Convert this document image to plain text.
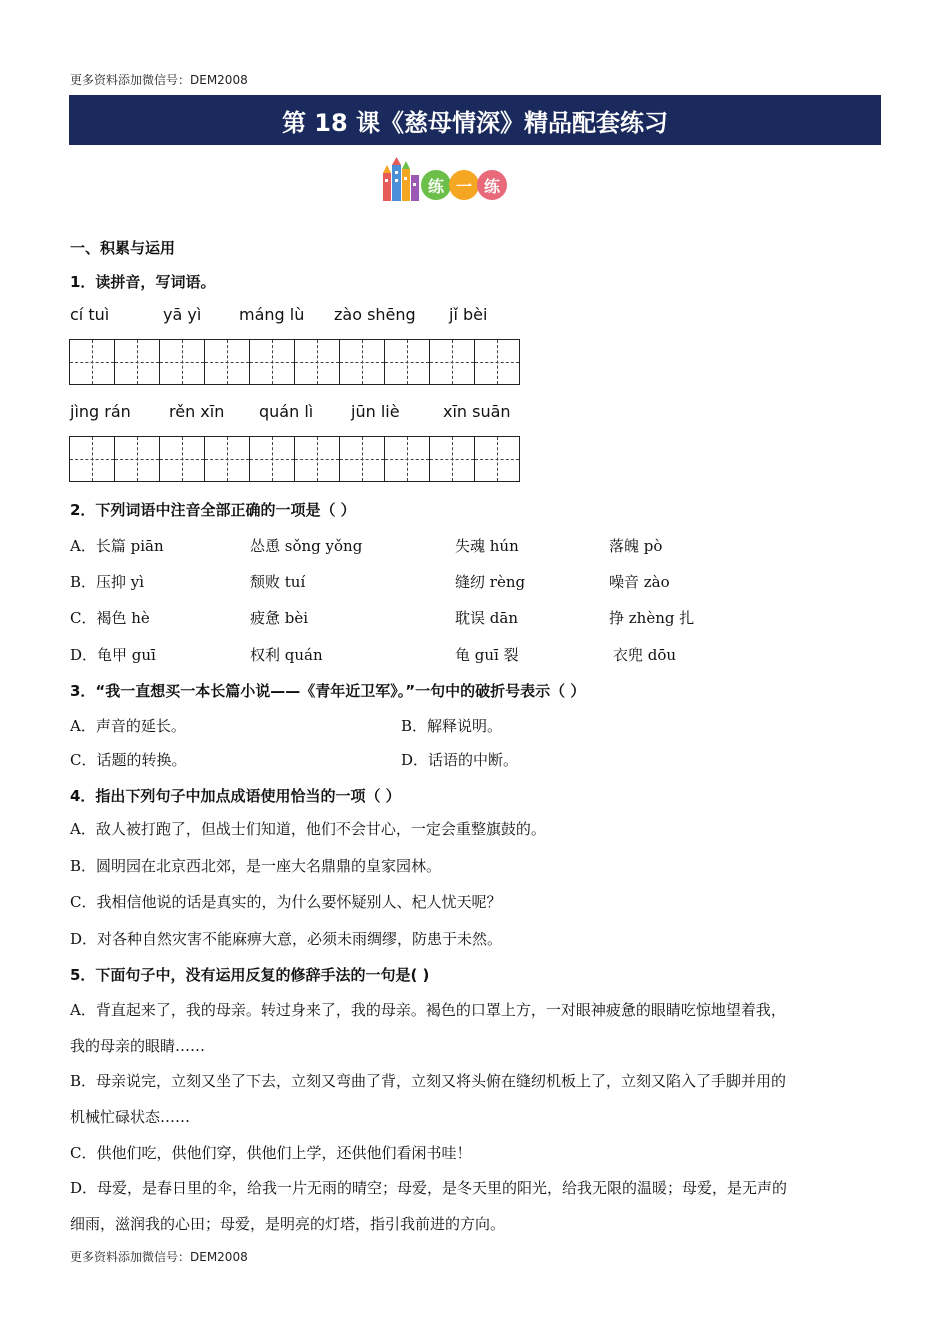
更多资料添加微信号：DEM2008
第 18 课《慈母情深》精品配套练习
练 一 练
一、积累与运用
1．读拼音，写词语。
cí tuì	yā yì máng lù zào shēng jǐ bèi
jìng rán rěn xīn quán lì jūn liè	xīn suān
2．下列词语中注音全部正确的一项是（ ）
A．长篇 piān	怂恿 sǒng yǒng	失魂 hún	落魄 pò
B．压抑 yì	颓败 tuí	缝纫 rèng	噪音 zào
C．褐色 hè	疲惫 bèi	耽误 dān	挣 zhèng 扎
D．龟甲 guī	权利 quán	龟 guī 裂	衣兜 dōu
3．“我一直想买一本长篇小说——《青年近卫军》。”一句中的破折号表示（ ）
A．声音的延长。	B．解释说明。
C．话题的转换。	D．话语的中断。
4．指出下列句子中加点成语使用恰当的一项（ ）
A．敌人被打跑了，但战士们知道，他们不会甘心，一定会重整旗鼓的。
B．圆明园在北京西北郊，是一座大名鼎鼎的皇家园林。
C．我相信他说的话是真实的，为什么要怀疑别人、杞人忧天呢？
D．对各种自然灾害不能麻痹大意，必须未雨绸缪，防患于未然。
5．下面句子中，没有运用反复的修辞手法的一句是( )
A．背直起来了，我的母亲。转过身来了，我的母亲。褐色的口罩上方，一对眼神疲惫的眼睛吃惊地望着我，
我的母亲的眼睛……
B．母亲说完，立刻又坐了下去，立刻又弯曲了背，立刻又将头俯在缝纫机板上了，立刻又陷入了手脚并用的
机械忙碌状态……
C．供他们吃，供他们穿，供他们上学，还供他们看闲书哇！
D．母爱，是春日里的伞，给我一片无雨的晴空；母爱，是冬天里的阳光，给我无限的温暖；母爱，是无声的
细雨，滋润我的心田；母爱，是明亮的灯塔，指引我前进的方向。
更多资料添加微信号：DEM2008
